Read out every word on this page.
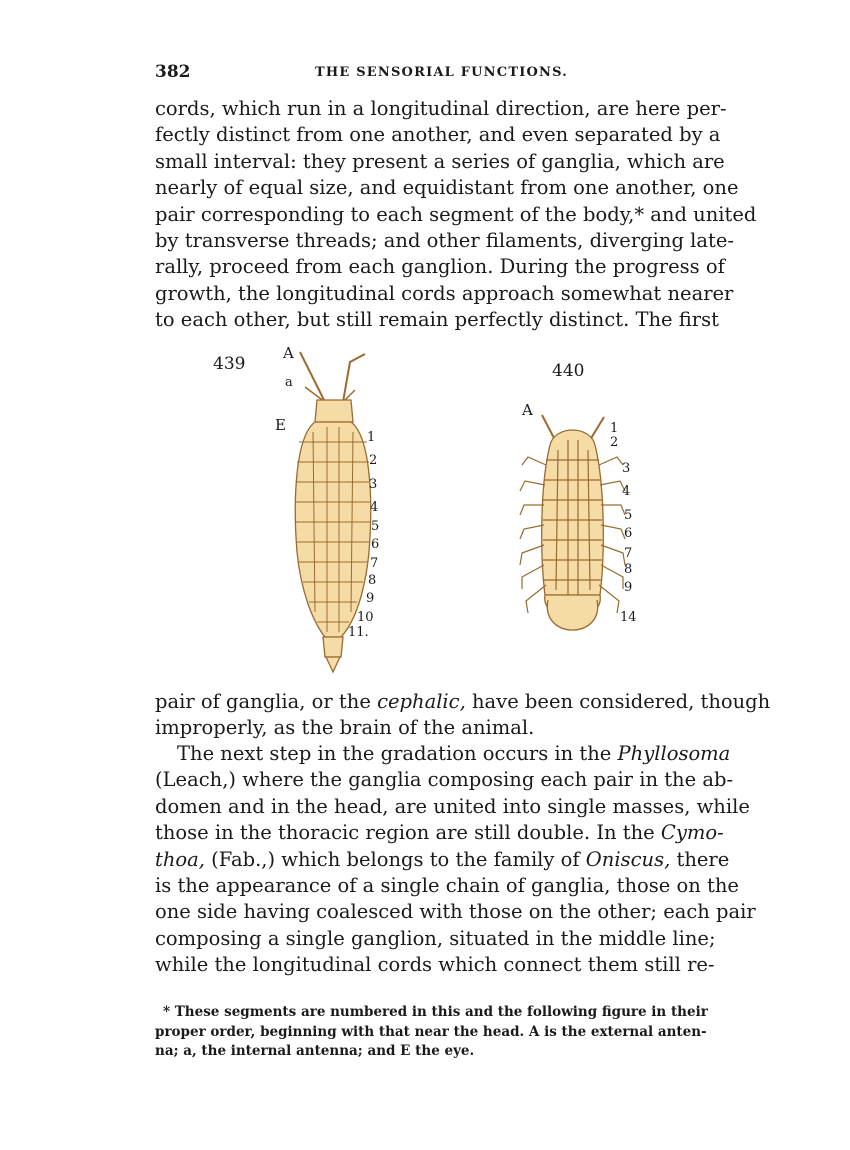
382	THE SENSORIAL FUNCTIONS.
cords, which run in a longitudinal direction, are here per-
fectly distinct from one another, and even separated by a
small interval: they present a series of ganglia, which are
nearly of equal size, and equidistant from one another, one
pair corresponding to each segment of the body,* and united
by transverse threads; and other filaments, diverging late-
rally, proceed from each ganglion. During the progress of
growth, the longitudinal cords approach somewhat nearer
to each other, but still remain perfectly distinct. The first
439
A
a
E
1
2
3
4
5
6
7
8
9
10
11.
440
A
1
2
3
4
5
6
7
8
9
14
pair of ganglia, or the cephalic, have been considered, though
improperly, as the brain of the animal.
The next step in the gradation occurs in the Phyllosoma
(Leach,) where the ganglia composing each pair in the ab-
domen and in the head, are united into single masses, while
those in the thoracic region are still double. In the Cymo-
thoa, (Fab.,) which belongs to the family of Oniscus, there
is the appearance of a single chain of ganglia, those on the
one side having coalesced with those on the other; each pair
composing a single ganglion, situated in the middle line;
while the longitudinal cords which connect them still re-
* These segments are numbered in this and the following figure in their
proper order, beginning with that near the head. A is the external anten-
na; a, the internal antenna; and E the eye.
